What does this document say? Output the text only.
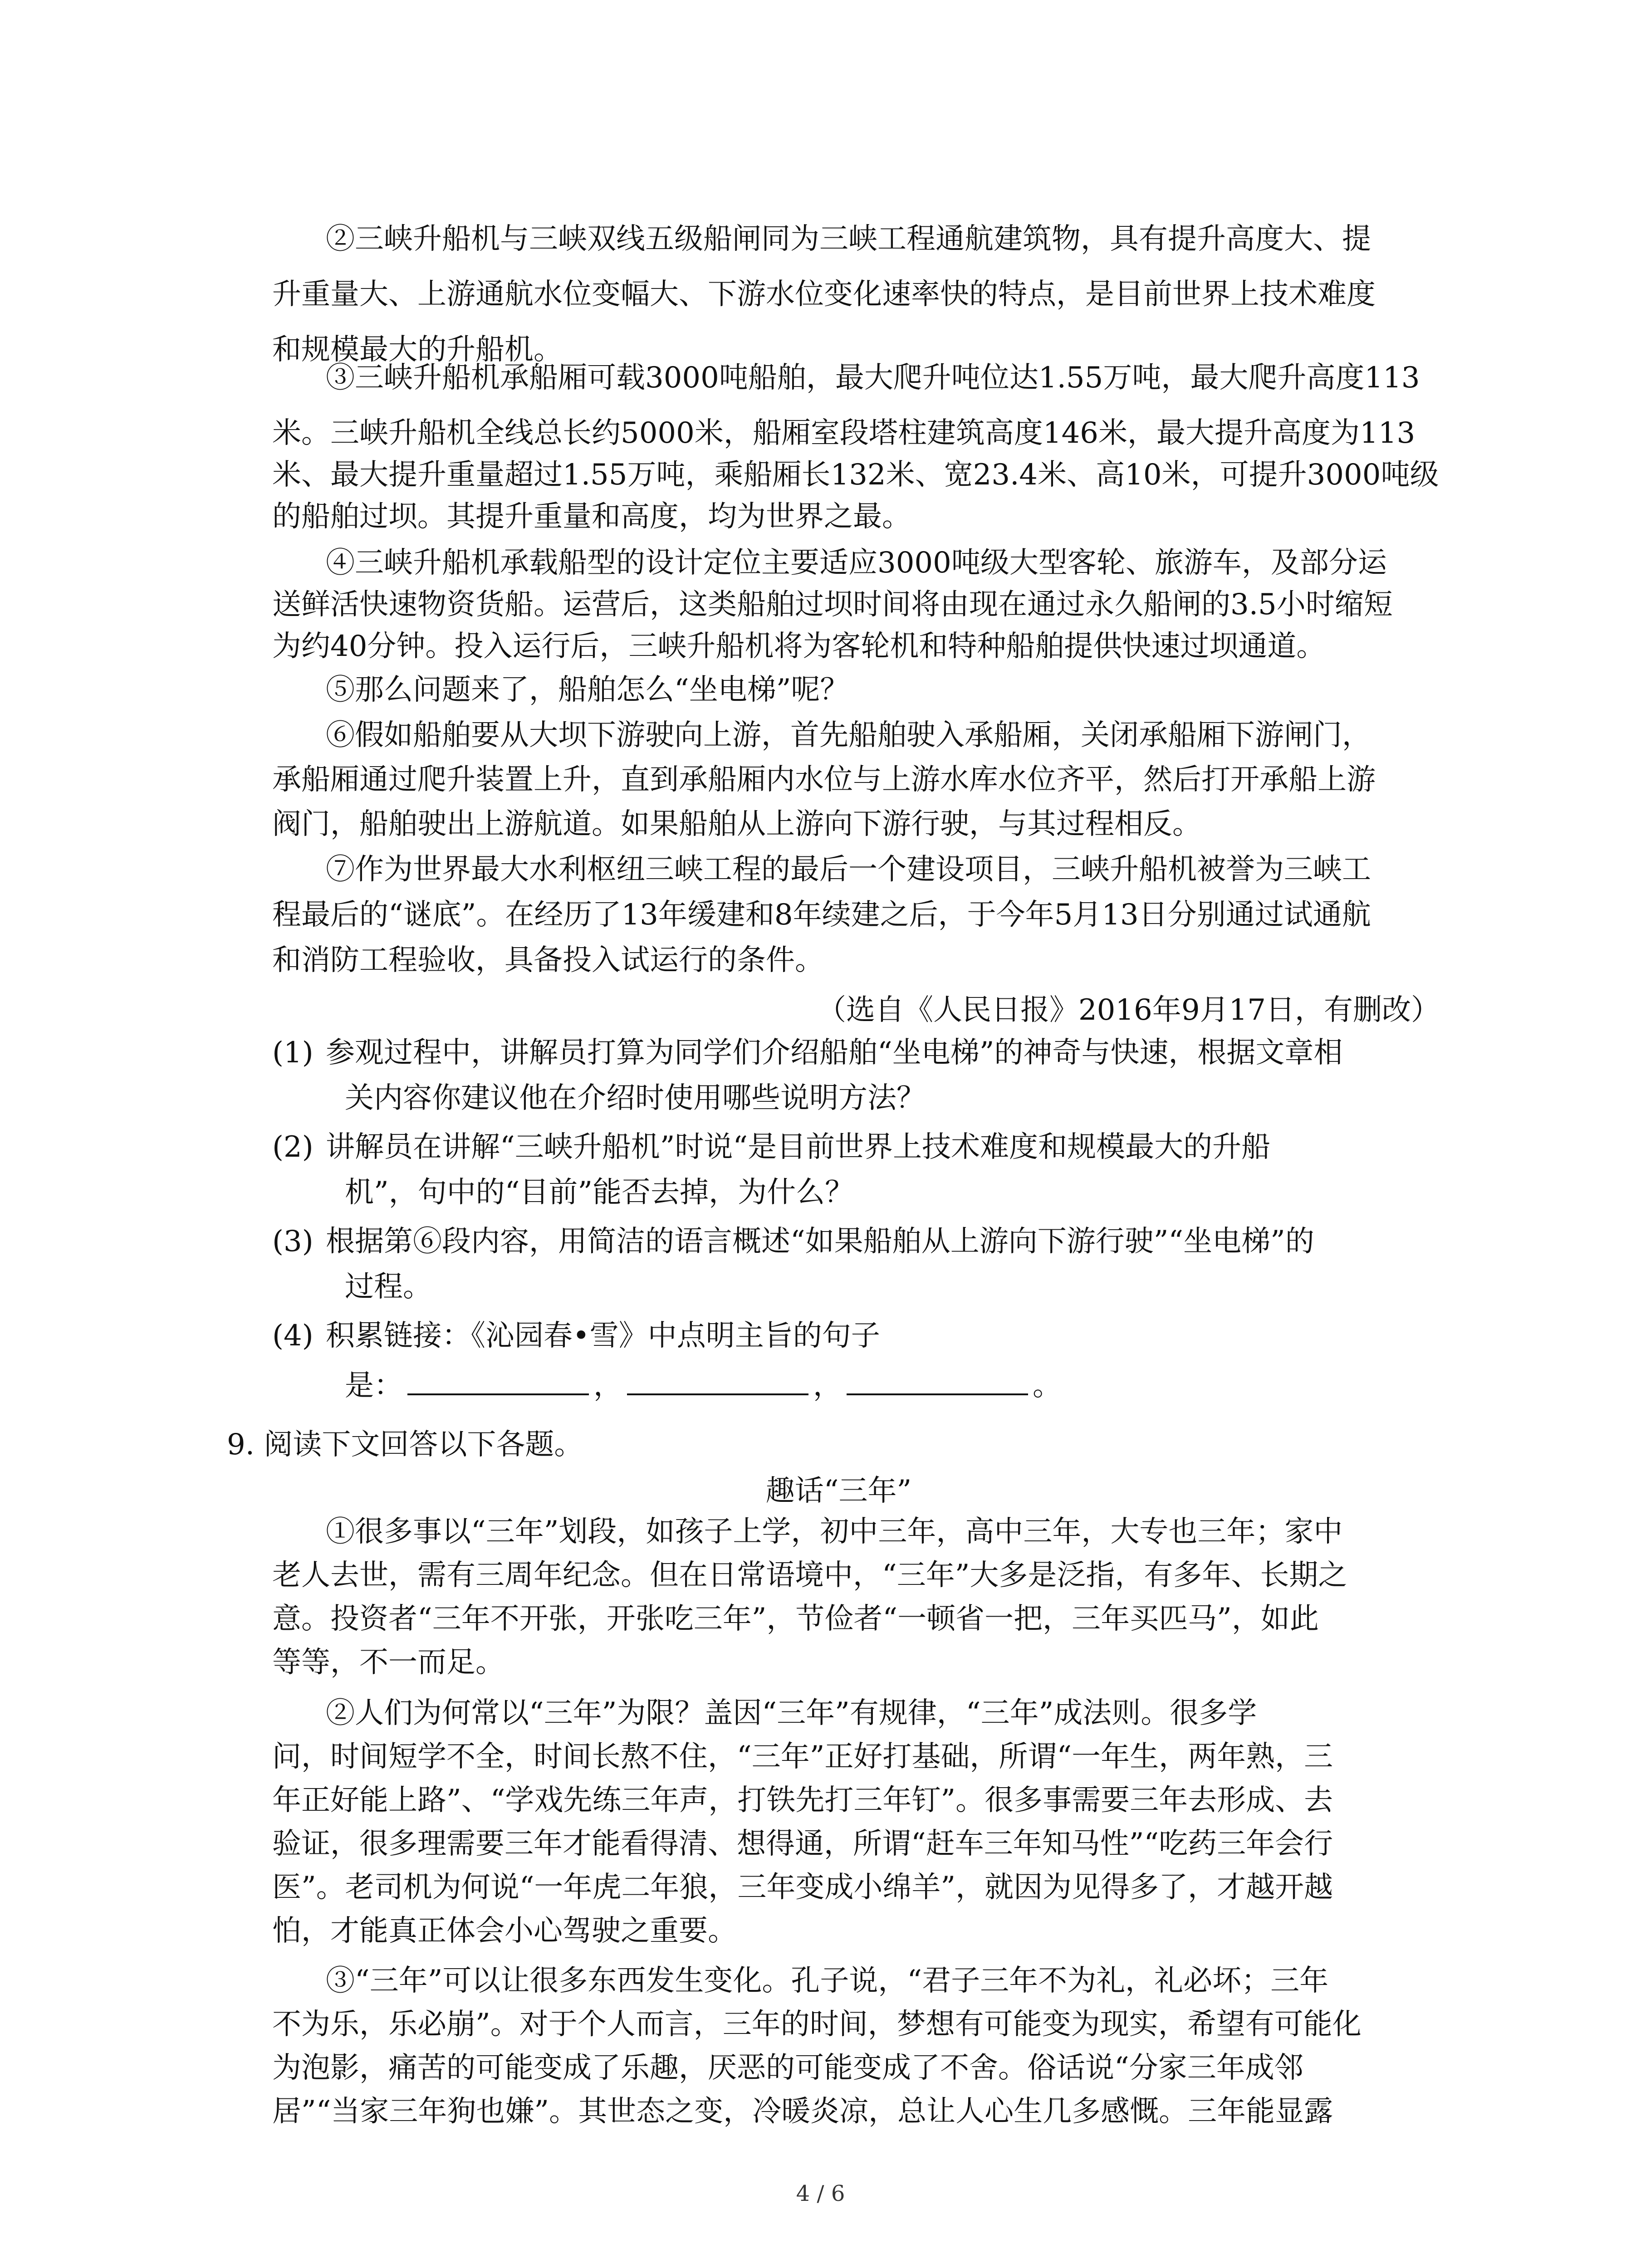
②三峡升船机与三峡双线五级船闸同为三峡工程通航建筑物，具有提升高度大、提
升重量大、上游通航水位变幅大、下游水位变化速率快的特点，是目前世界上技术难度
和规模最大的升船机。
③三峡升船机承船厢可载3000吨船舶，最大爬升吨位达1.55万吨，最大爬升高度113
米。三峡升船机全线总长约5000米，船厢室段塔柱建筑高度146米，最大提升高度为113
米、最大提升重量超过1.55万吨，乘船厢长132米、宽23.4米、高10米，可提升3000吨级
的船舶过坝。其提升重量和高度，均为世界之最。
④三峡升船机承载船型的设计定位主要适应3000吨级大型客轮、旅游车，及部分运
送鲜活快速物资货船。运营后，这类船舶过坝时间将由现在通过永久船闸的3.5小时缩短
为约40分钟。投入运行后，三峡升船机将为客轮机和特种船舶提供快速过坝通道。
⑤那么问题来了，船舶怎么“坐电梯”呢？
⑥假如船舶要从大坝下游驶向上游，首先船舶驶入承船厢，关闭承船厢下游闸门，
承船厢通过爬升装置上升，直到承船厢内水位与上游水库水位齐平，然后打开承船上游
阀门，船舶驶出上游航道。如果船舶从上游向下游行驶，与其过程相反。
⑦作为世界最大水利枢纽三峡工程的最后一个建设项目，三峡升船机被誉为三峡工
程最后的“谜底”。在经历了13年缓建和8年续建之后，于今年5月13日分别通过试通航
和消防工程验收，具备投入试运行的条件。
（选自《人民日报》2016年9月17日，有删改）
(1) 参观过程中，讲解员打算为同学们介绍船舶“坐电梯”的神奇与快速，根据文章相
关内容你建议他在介绍时使用哪些说明方法？
(2) 讲解员在讲解“三峡升船机”时说“是目前世界上技术难度和规模最大的升船
机”，句中的“目前”能否去掉，为什么？
(3) 根据第⑥段内容，用简洁的语言概述“如果船舶从上游向下游行驶”“坐电梯”的
过程。
(4) 积累链接：《沁园春•雪》中点明主旨的句子
是：	，	，	。
9. 阅读下文回答以下各题。
趣话“三年”
①很多事以“三年”划段，如孩子上学，初中三年，高中三年，大专也三年；家中
老人去世，需有三周年纪念。但在日常语境中，“三年”大多是泛指，有多年、长期之
意。投资者“三年不开张，开张吃三年”，节俭者“一顿省一把，三年买匹马”，如此
等等，不一而足。
②人们为何常以“三年”为限？盖因“三年”有规律，“三年”成法则。很多学
问，时间短学不全，时间长熬不住，“三年”正好打基础，所谓“一年生，两年熟，三
年正好能上路”、“学戏先练三年声，打铁先打三年钉”。很多事需要三年去形成、去
验证，很多理需要三年才能看得清、想得通，所谓“赶车三年知马性”“吃药三年会行
医”。老司机为何说“一年虎二年狼，三年变成小绵羊”，就因为见得多了，才越开越
怕，才能真正体会小心驾驶之重要。
③“三年”可以让很多东西发生变化。孔子说，“君子三年不为礼，礼必坏；三年
不为乐，乐必崩”。对于个人而言，三年的时间，梦想有可能变为现实，希望有可能化
为泡影，痛苦的可能变成了乐趣，厌恶的可能变成了不舍。俗话说“分家三年成邻
居”“当家三年狗也嫌”。其世态之变，冷暖炎凉，总让人心生几多感慨。三年能显露
4 / 6
